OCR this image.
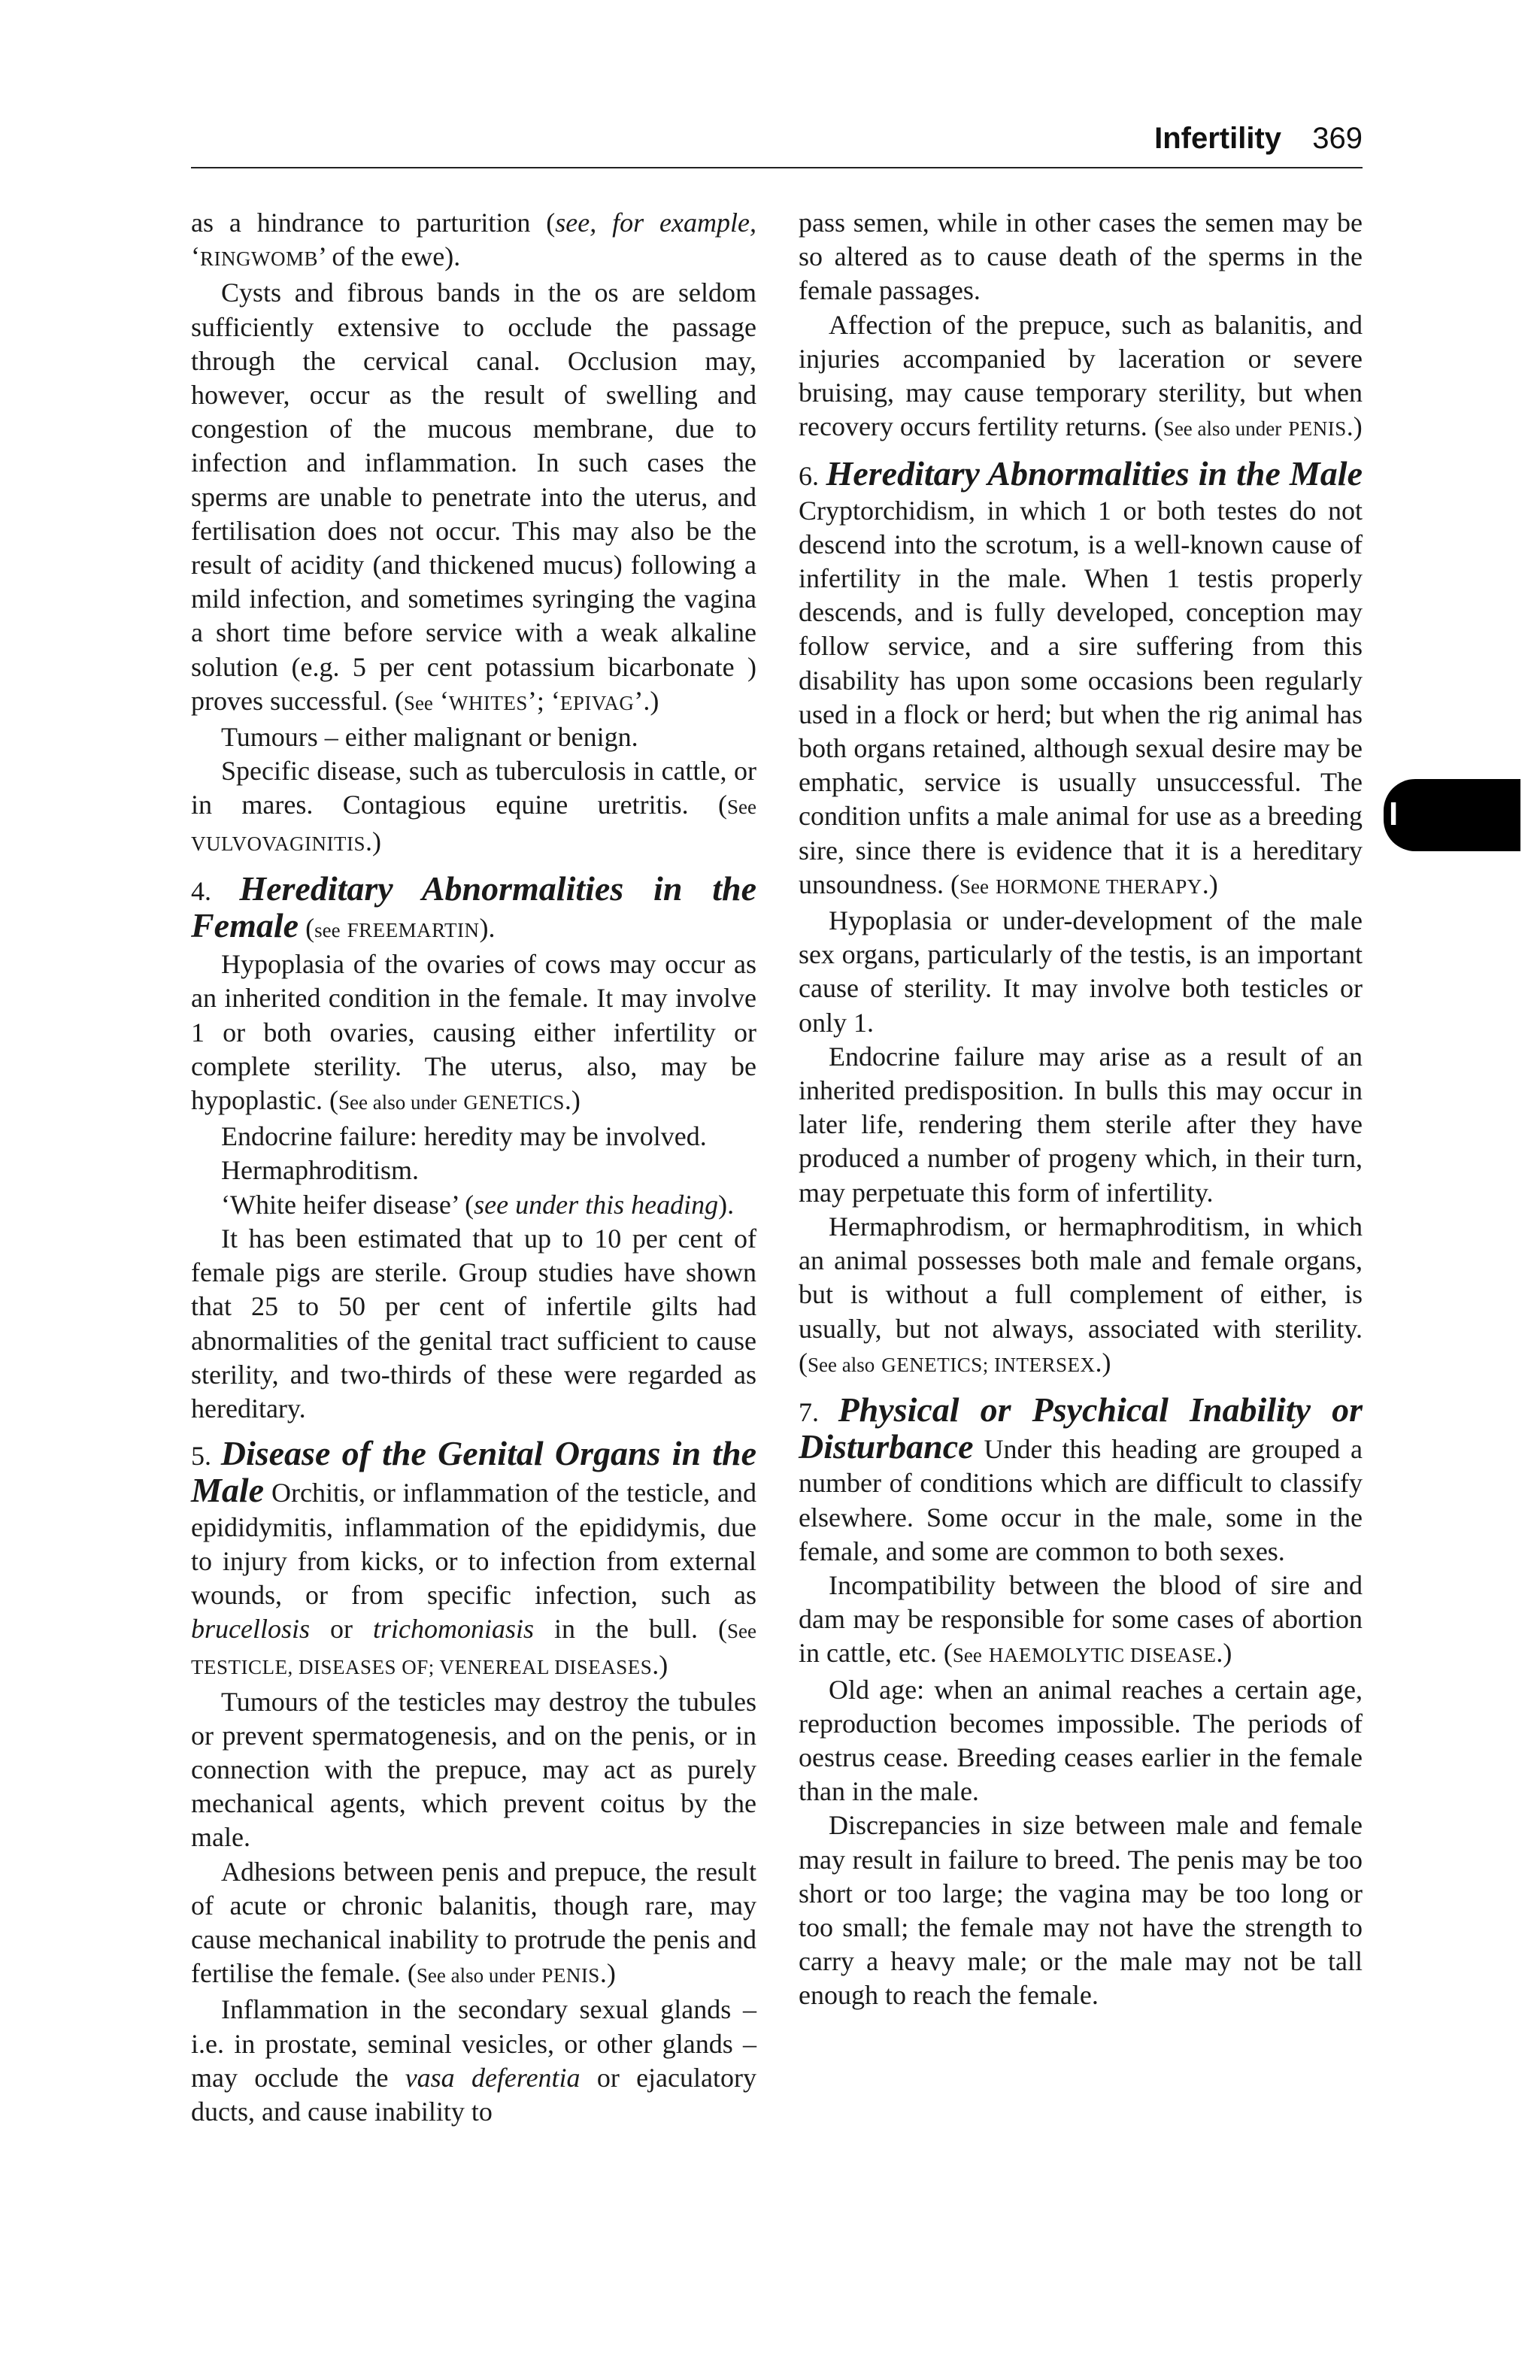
Infertility 369
I

as a hindrance to parturition (see, for example, ‘RINGWOMB’ of the ewe).

Cysts and fibrous bands in the os are seldom sufficiently extensive to occlude the passage through the cervical canal. Occlusion may, however, occur as the result of swelling and congestion of the mucous membrane, due to infection and inflammation. In such cases the sperms are unable to penetrate into the uterus, and fertilisation does not occur. This may also be the result of acidity (and thickened mucus) following a mild infection, and sometimes syringing the vagina a short time before service with a weak alkaline solution (e.g. 5 per cent potassium bicarbonate ) proves successful. (See ‘WHITES’; ‘EPIVAG’.)

Tumours – either malignant or benign.

Specific disease, such as tuberculosis in cattle, or in mares. Contagious equine uretritis. (See VULVOVAGINITIS.)

4. Hereditary Abnormalities in the Female (see FREEMARTIN).

Hypoplasia of the ovaries of cows may occur as an inherited condition in the female. It may involve 1 or both ovaries, causing either infertility or complete sterility. The uterus, also, may be hypoplastic. (See also under GENETICS.)

Endocrine failure: heredity may be involved.

Hermaphroditism.

‘White heifer disease’ (see under this heading).

It has been estimated that up to 10 per cent of female pigs are sterile. Group studies have shown that 25 to 50 per cent of infertile gilts had abnormalities of the genital tract sufficient to cause sterility, and two-thirds of these were regarded as hereditary.

5. Disease of the Genital Organs in the Male Orchitis, or inflammation of the testicle, and epididymitis, inflammation of the epididymis, due to injury from kicks, or to infection from external wounds, or from specific infection, such as brucellosis or trichomoniasis in the bull. (See TESTICLE, DISEASES OF; VENEREAL DISEASES.)

Tumours of the testicles may destroy the tubules or prevent spermatogenesis, and on the penis, or in connection with the prepuce, may act as purely mechanical agents, which prevent coitus by the male.

Adhesions between penis and prepuce, the result of acute or chronic balanitis, though rare, may cause mechanical inability to protrude the penis and fertilise the female. (See also under PENIS.)

Inflammation in the secondary sexual glands – i.e. in prostate, seminal vesicles, or other glands – may occlude the vasa deferentia or ejaculatory ducts, and cause inability to

pass semen, while in other cases the semen may be so altered as to cause death of the sperms in the female passages.

Affection of the prepuce, such as balanitis, and injuries accompanied by laceration or severe bruising, may cause temporary sterility, but when recovery occurs fertility returns. (See also under PENIS.)

6. Hereditary Abnormalities in the Male Cryptorchidism, in which 1 or both testes do not descend into the scrotum, is a well-known cause of infertility in the male. When 1 testis properly descends, and is fully developed, conception may follow service, and a sire suffering from this disability has upon some occasions been regularly used in a flock or herd; but when the rig animal has both organs retained, although sexual desire may be emphatic, service is usually unsuccessful. The condition unfits a male animal for use as a breeding sire, since there is evidence that it is a hereditary unsoundness. (See HORMONE THERAPY.)

Hypoplasia or under-development of the male sex organs, particularly of the testis, is an important cause of sterility. It may involve both testicles or only 1.

Endocrine failure may arise as a result of an inherited predisposition. In bulls this may occur in later life, rendering them sterile after they have produced a number of progeny which, in their turn, may perpetuate this form of infertility.

Hermaphrodism, or hermaphroditism, in which an animal possesses both male and female organs, but is without a full complement of either, is usually, but not always, associated with sterility. (See also GENETICS; INTERSEX.)

7. Physical or Psychical Inability or Disturbance Under this heading are grouped a number of conditions which are difficult to classify elsewhere. Some occur in the male, some in the female, and some are common to both sexes.

Incompatibility between the blood of sire and dam may be responsible for some cases of abortion in cattle, etc. (See HAEMOLYTIC DISEASE.)

Old age: when an animal reaches a certain age, reproduction becomes impossible. The periods of oestrus cease. Breeding ceases earlier in the female than in the male.

Discrepancies in size between male and female may result in failure to breed. The penis may be too short or too large; the vagina may be too long or too small; the female may not have the strength to carry a heavy male; or the male may not be tall enough to reach the female.
